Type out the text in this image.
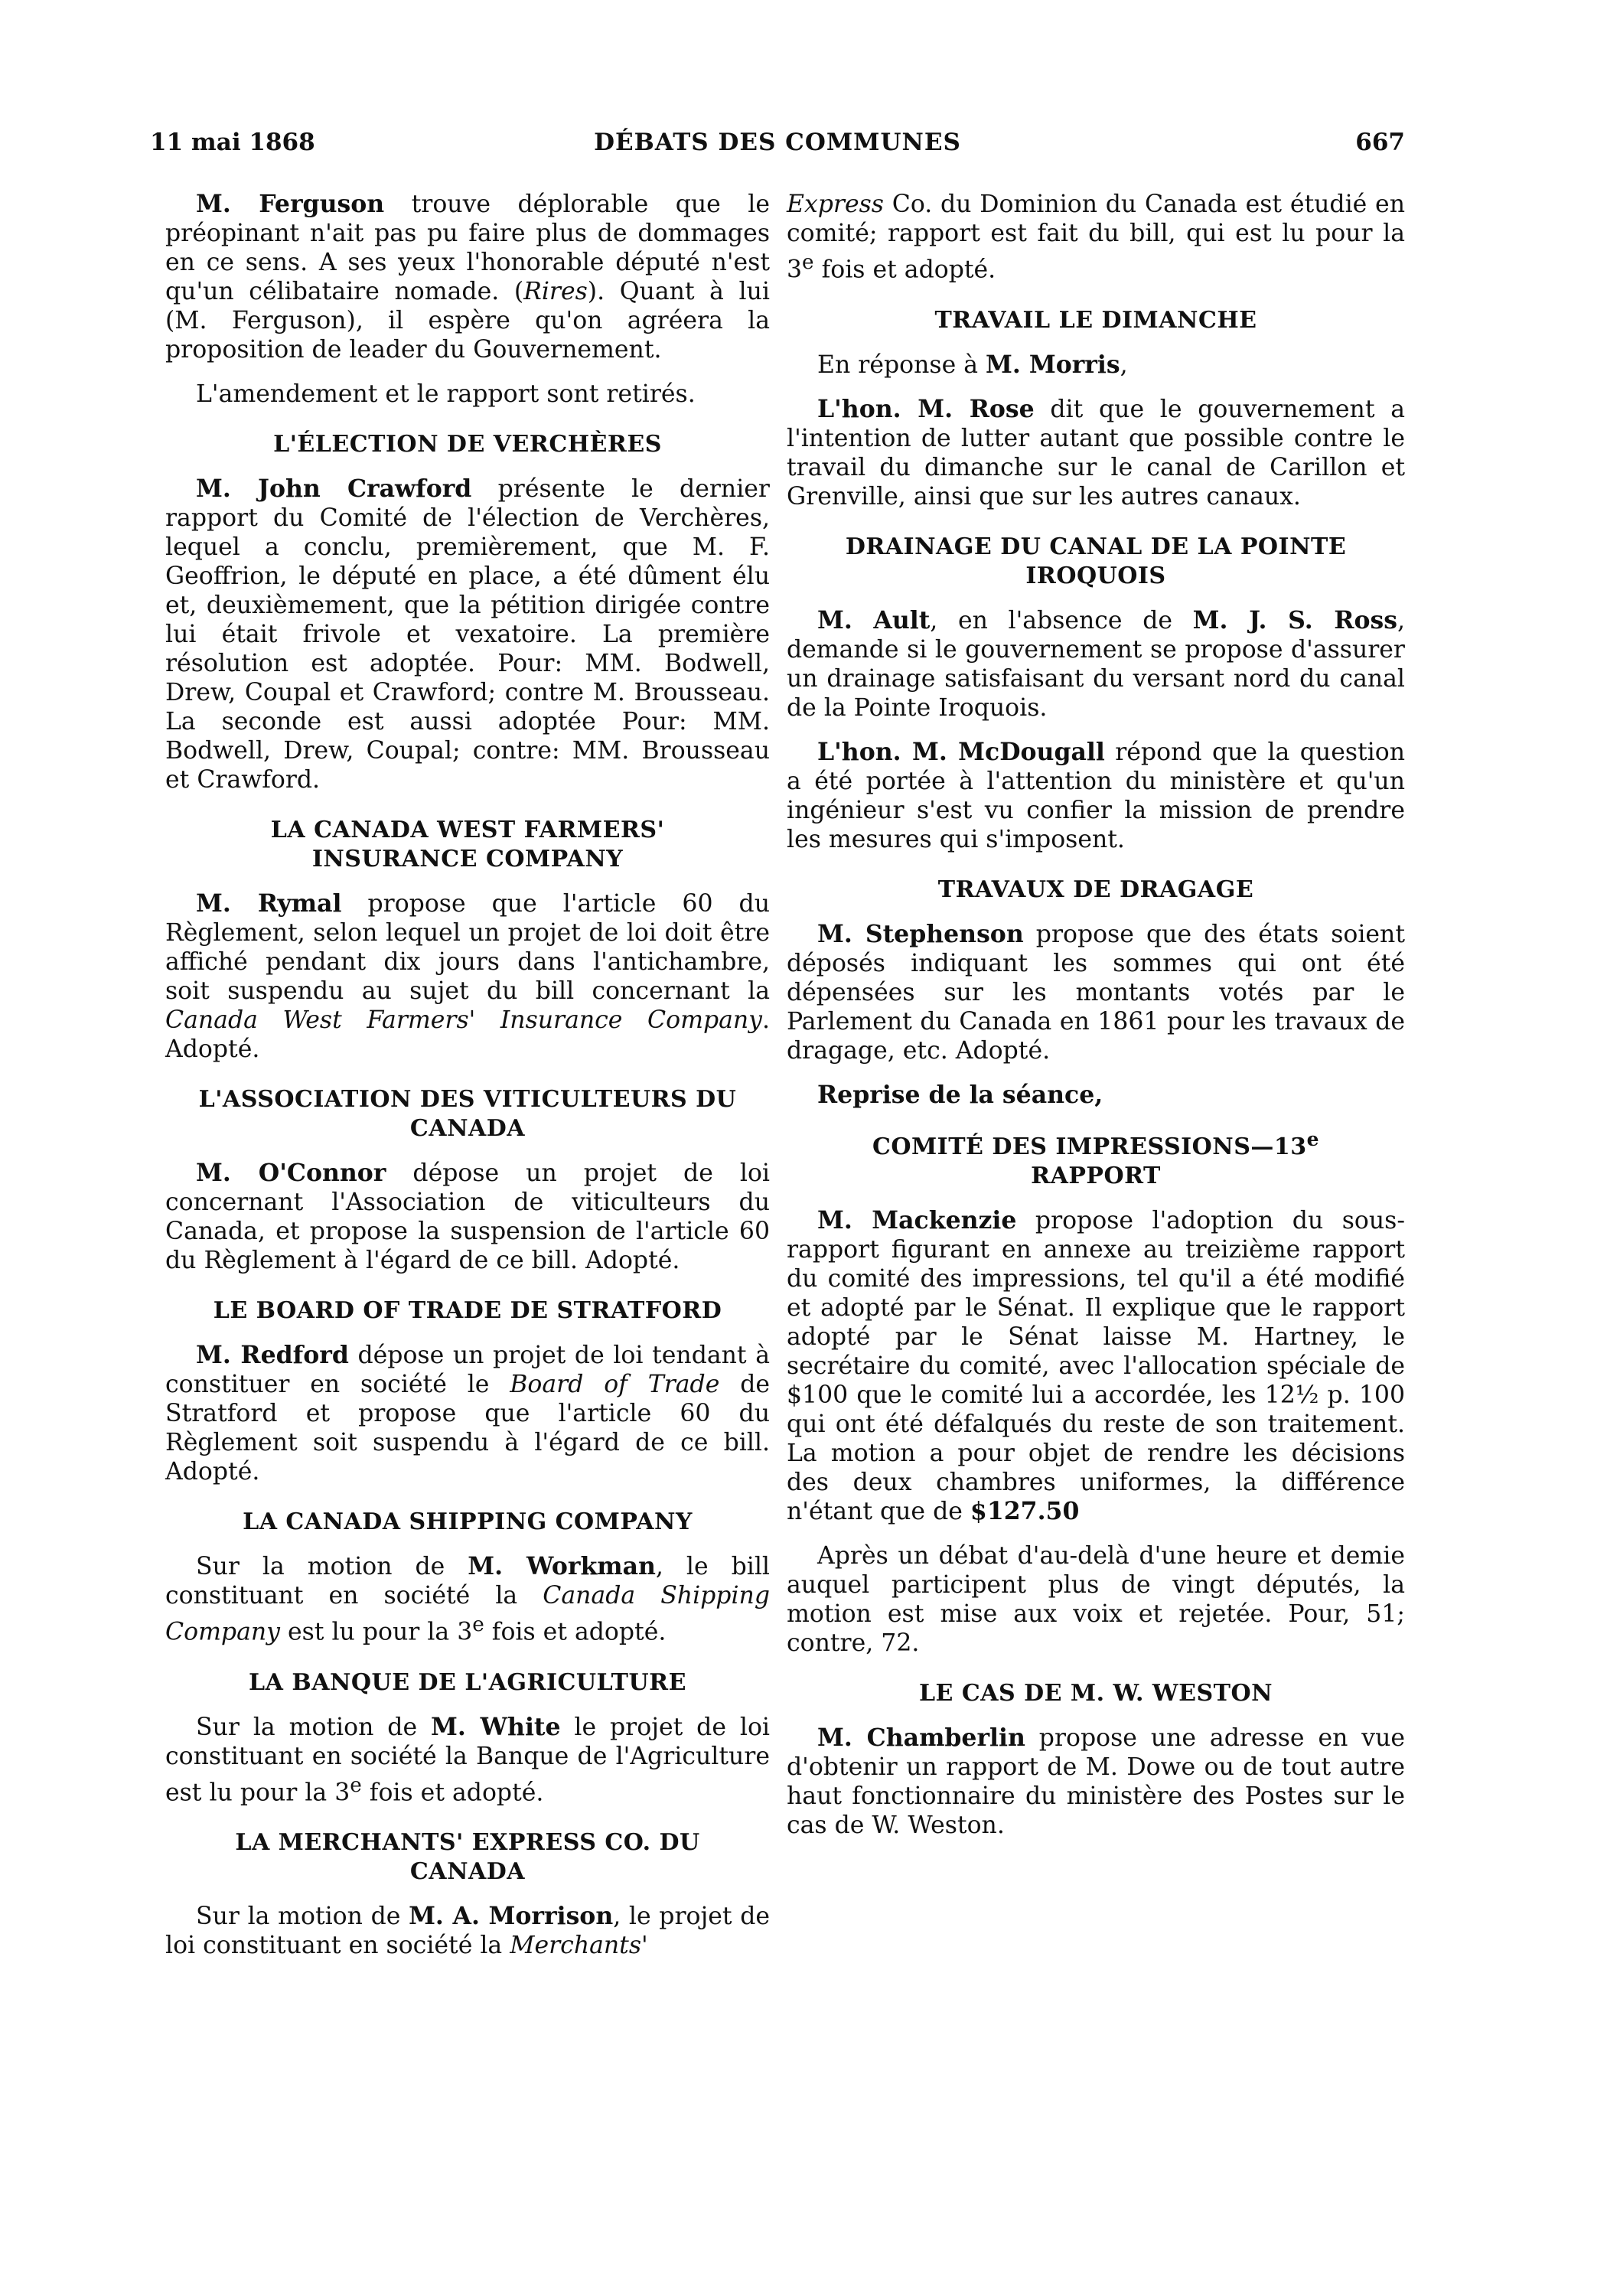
11 mai 1868	DÉBATS DES COMMUNES	667

M. Ferguson trouve déplorable que le préopinant n'ait pas pu faire plus de dommages en ce sens. A ses yeux l'honorable député n'est qu'un célibataire nomade. (Rires). Quant à lui (M. Ferguson), il espère qu'on agréera la proposition de leader du Gouvernement.

L'amendement et le rapport sont retirés.

L'ÉLECTION DE VERCHÈRES

M. John Crawford présente le dernier rapport du Comité de l'élection de Verchères, lequel a conclu, premièrement, que M. F. Geoffrion, le député en place, a été dûment élu et, deuxièmement, que la pétition dirigée contre lui était frivole et vexatoire. La première résolution est adoptée. Pour: MM. Bodwell, Drew, Coupal et Crawford; contre M. Brousseau. La seconde est aussi adoptée Pour: MM. Bodwell, Drew, Coupal; contre: MM. Brousseau et Crawford.

LA CANADA WEST FARMERS' INSURANCE COMPANY

M. Rymal propose que l'article 60 du Règlement, selon lequel un projet de loi doit être affiché pendant dix jours dans l'antichambre, soit suspendu au sujet du bill concernant la Canada West Farmers' Insurance Company. Adopté.

L'ASSOCIATION DES VITICULTEURS DU CANADA

M. O'Connor dépose un projet de loi concernant l'Association de viticulteurs du Canada, et propose la suspension de l'article 60 du Règlement à l'égard de ce bill. Adopté.

LE BOARD OF TRADE DE STRATFORD

M. Redford dépose un projet de loi tendant à constituer en société le Board of Trade de Stratford et propose que l'article 60 du Règlement soit suspendu à l'égard de ce bill. Adopté.

LA CANADA SHIPPING COMPANY

Sur la motion de M. Workman, le bill constituant en société la Canada Shipping Company est lu pour la 3e fois et adopté.

LA BANQUE DE L'AGRICULTURE

Sur la motion de M. White le projet de loi constituant en société la Banque de l'Agriculture est lu pour la 3e fois et adopté.

LA MERCHANTS' EXPRESS CO. DU CANADA

Sur la motion de M. A. Morrison, le projet de loi constituant en société la Merchants'

Express Co. du Dominion du Canada est étudié en comité; rapport est fait du bill, qui est lu pour la 3e fois et adopté.

TRAVAIL LE DIMANCHE

En réponse à M. Morris,

L'hon. M. Rose dit que le gouvernement a l'intention de lutter autant que possible contre le travail du dimanche sur le canal de Carillon et Grenville, ainsi que sur les autres canaux.

DRAINAGE DU CANAL DE LA POINTE IROQUOIS

M. Ault, en l'absence de M. J. S. Ross, demande si le gouvernement se propose d'assurer un drainage satisfaisant du versant nord du canal de la Pointe Iroquois.

L'hon. M. McDougall répond que la question a été portée à l'attention du ministère et qu'un ingénieur s'est vu confier la mission de prendre les mesures qui s'imposent.

TRAVAUX DE DRAGAGE

M. Stephenson propose que des états soient déposés indiquant les sommes qui ont été dépensées sur les montants votés par le Parlement du Canada en 1861 pour les travaux de dragage, etc. Adopté.

Reprise de la séance,

COMITÉ DES IMPRESSIONS—13e
RAPPORT

M. Mackenzie propose l'adoption du sous-rapport figurant en annexe au treizième rapport du comité des impressions, tel qu'il a été modifié et adopté par le Sénat. Il explique que le rapport adopté par le Sénat laisse M. Hartney, le secrétaire du comité, avec l'allocation spéciale de $100 que le comité lui a accordée, les 12½ p. 100 qui ont été défalqués du reste de son traitement. La motion a pour objet de rendre les décisions des deux chambres uniformes, la différence n'étant que de $127.50

Après un débat d'au-delà d'une heure et demie auquel participent plus de vingt députés, la motion est mise aux voix et rejetée. Pour, 51; contre, 72.

LE CAS DE M. W. WESTON

M. Chamberlin propose une adresse en vue d'obtenir un rapport de M. Dowe ou de tout autre haut fonctionnaire du ministère des Postes sur le cas de W. Weston.
